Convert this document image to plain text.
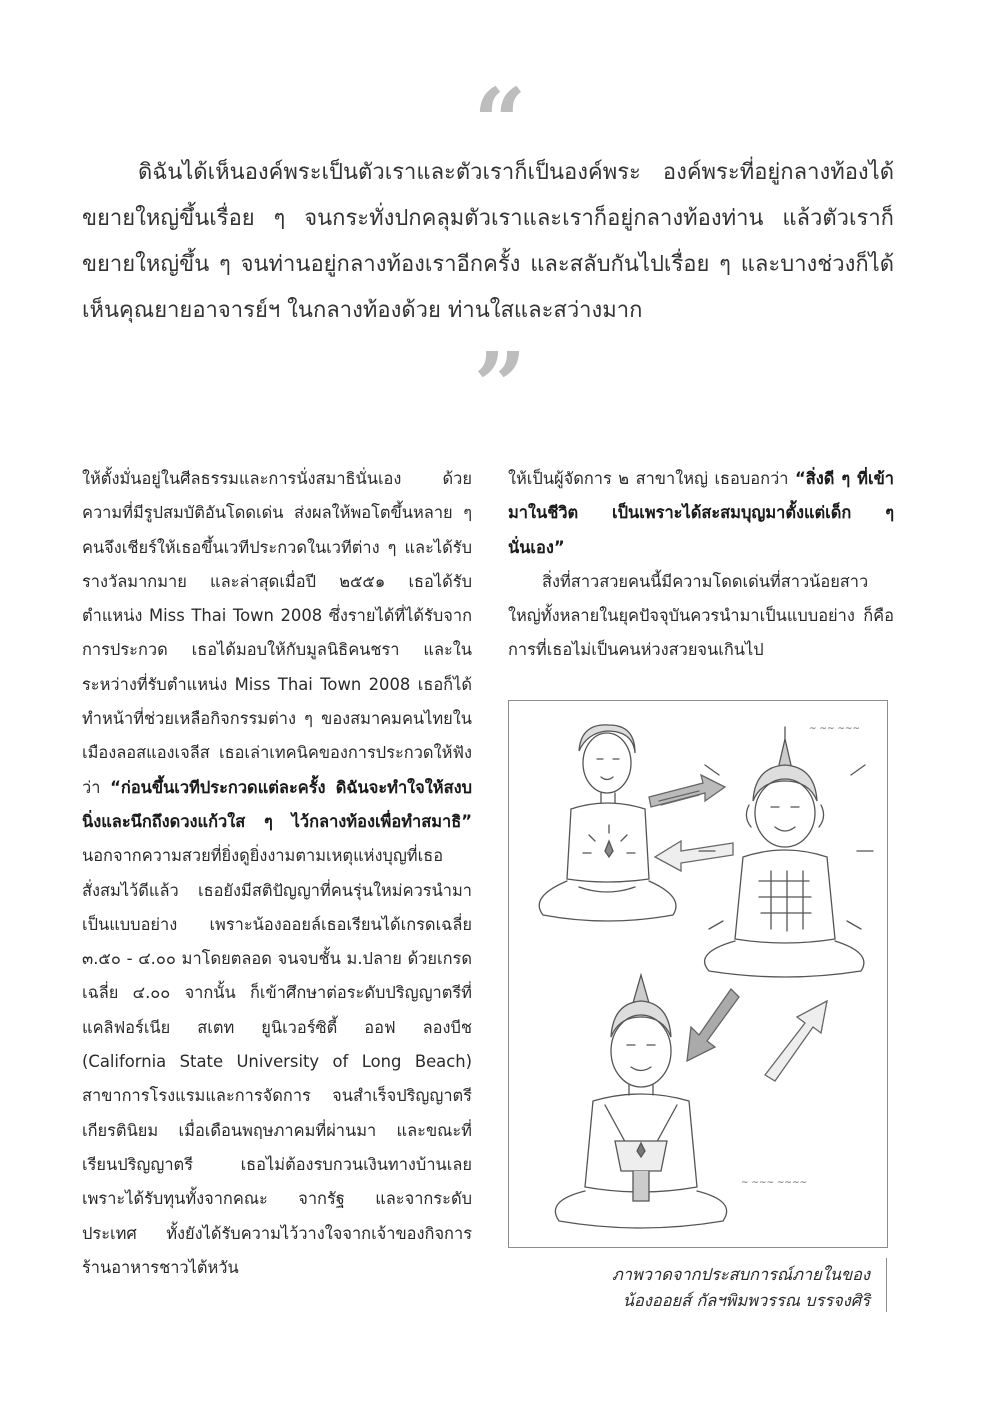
“

ดิฉันได้เห็นองค์พระเป็นตัวเราและตัวเราก็เป็นองค์พระ องค์พระที่อยู่กลางท้องได้ขยายใหญ่ขึ้นเรื่อย ๆ จนกระทั่งปกคลุมตัวเราและเราก็อยู่กลางท้องท่าน แล้วตัวเราก็ขยายใหญ่ขึ้น ๆ จนท่านอยู่กลางท้องเราอีกครั้ง และสลับกันไปเรื่อย ๆ และบางช่วงก็ได้เห็นคุณยายอาจารย์ฯ ในกลางท้องด้วย ท่านใสและสว่างมาก

”

ให้ตั้งมั่นอยู่ในศีลธรรมและการนั่งสมาธินั่นเอง ด้วยความที่มีรูปสมบัติอันโดดเด่น ส่งผลให้พอโตขึ้นหลาย ๆ คนจึงเชียร์ให้เธอขึ้นเวทีประกวดในเวทีต่าง ๆ และได้รับรางวัลมากมาย และล่าสุดเมื่อปี ๒๕๕๑ เธอได้รับตำแหน่ง Miss Thai Town 2008 ซึ่งรายได้ที่ได้รับจากการประกวด เธอได้มอบให้กับมูลนิธิคนชรา และในระหว่างที่รับตำแหน่ง Miss Thai Town 2008 เธอก็ได้ทำหน้าที่ช่วยเหลือกิจกรรมต่าง ๆ ของสมาคมคนไทยในเมืองลอสแองเจลีส เธอเล่าเทคนิคของการประกวดให้ฟังว่า “ก่อนขึ้นเวทีประกวดแต่ละครั้ง ดิฉันจะทำใจให้สงบนิ่งและนึกถึงดวงแก้วใส ๆ ไว้กลางท้องเพื่อทำสมาธิ” นอกจากความสวยที่ยิ่งดูยิ่งงามตามเหตุแห่งบุญที่เธอสั่งสมไว้ดีแล้ว เธอยังมีสติปัญญาที่คนรุ่นใหม่ควรนำมาเป็นแบบอย่าง เพราะน้องออยล์เธอเรียนได้เกรดเฉลี่ย ๓.๕๐ - ๔.๐๐ มาโดยตลอด จนจบชั้น ม.ปลาย ด้วยเกรดเฉลี่ย ๔.๐๐ จากนั้น ก็เข้าศึกษาต่อระดับปริญญาตรีที่แคลิฟอร์เนีย สเตท ยูนิเวอร์ซิตี้ ออฟ ลองบีช (California State University of Long Beach) สาขาการโรงแรมและการจัดการ จนสำเร็จปริญญาตรี เกียรตินิยม เมื่อเดือนพฤษภาคมที่ผ่านมา และขณะที่เรียนปริญญาตรี เธอไม่ต้องรบกวนเงินทางบ้านเลย เพราะได้รับทุนทั้งจากคณะ จากรัฐ และจากระดับประเทศ ทั้งยังได้รับความไว้วางใจจากเจ้าของกิจการร้านอาหารชาวไต้หวัน

ให้เป็นผู้จัดการ ๒ สาขาใหญ่ เธอบอกว่า “สิ่งดี ๆ ที่เข้ามาในชีวิต เป็นเพราะได้สะสมบุญมาตั้งแต่เด็ก ๆ นั่นเอง”

สิ่งที่สาวสวยคนนี้มีความโดดเด่นที่สาวน้อยสาวใหญ่ทั้งหลายในยุคปัจจุบันควรนำมาเป็นแบบอย่าง ก็คือ การที่เธอไม่เป็นคนห่วงสวยจนเกินไป

~ ~~ ~~~
~ ~~~ ~~~~

ภาพวาดจากประสบการณ์ภายในของ

น้องออยส์ กัลฯพิมพวรรณ บรรจงศิริ
